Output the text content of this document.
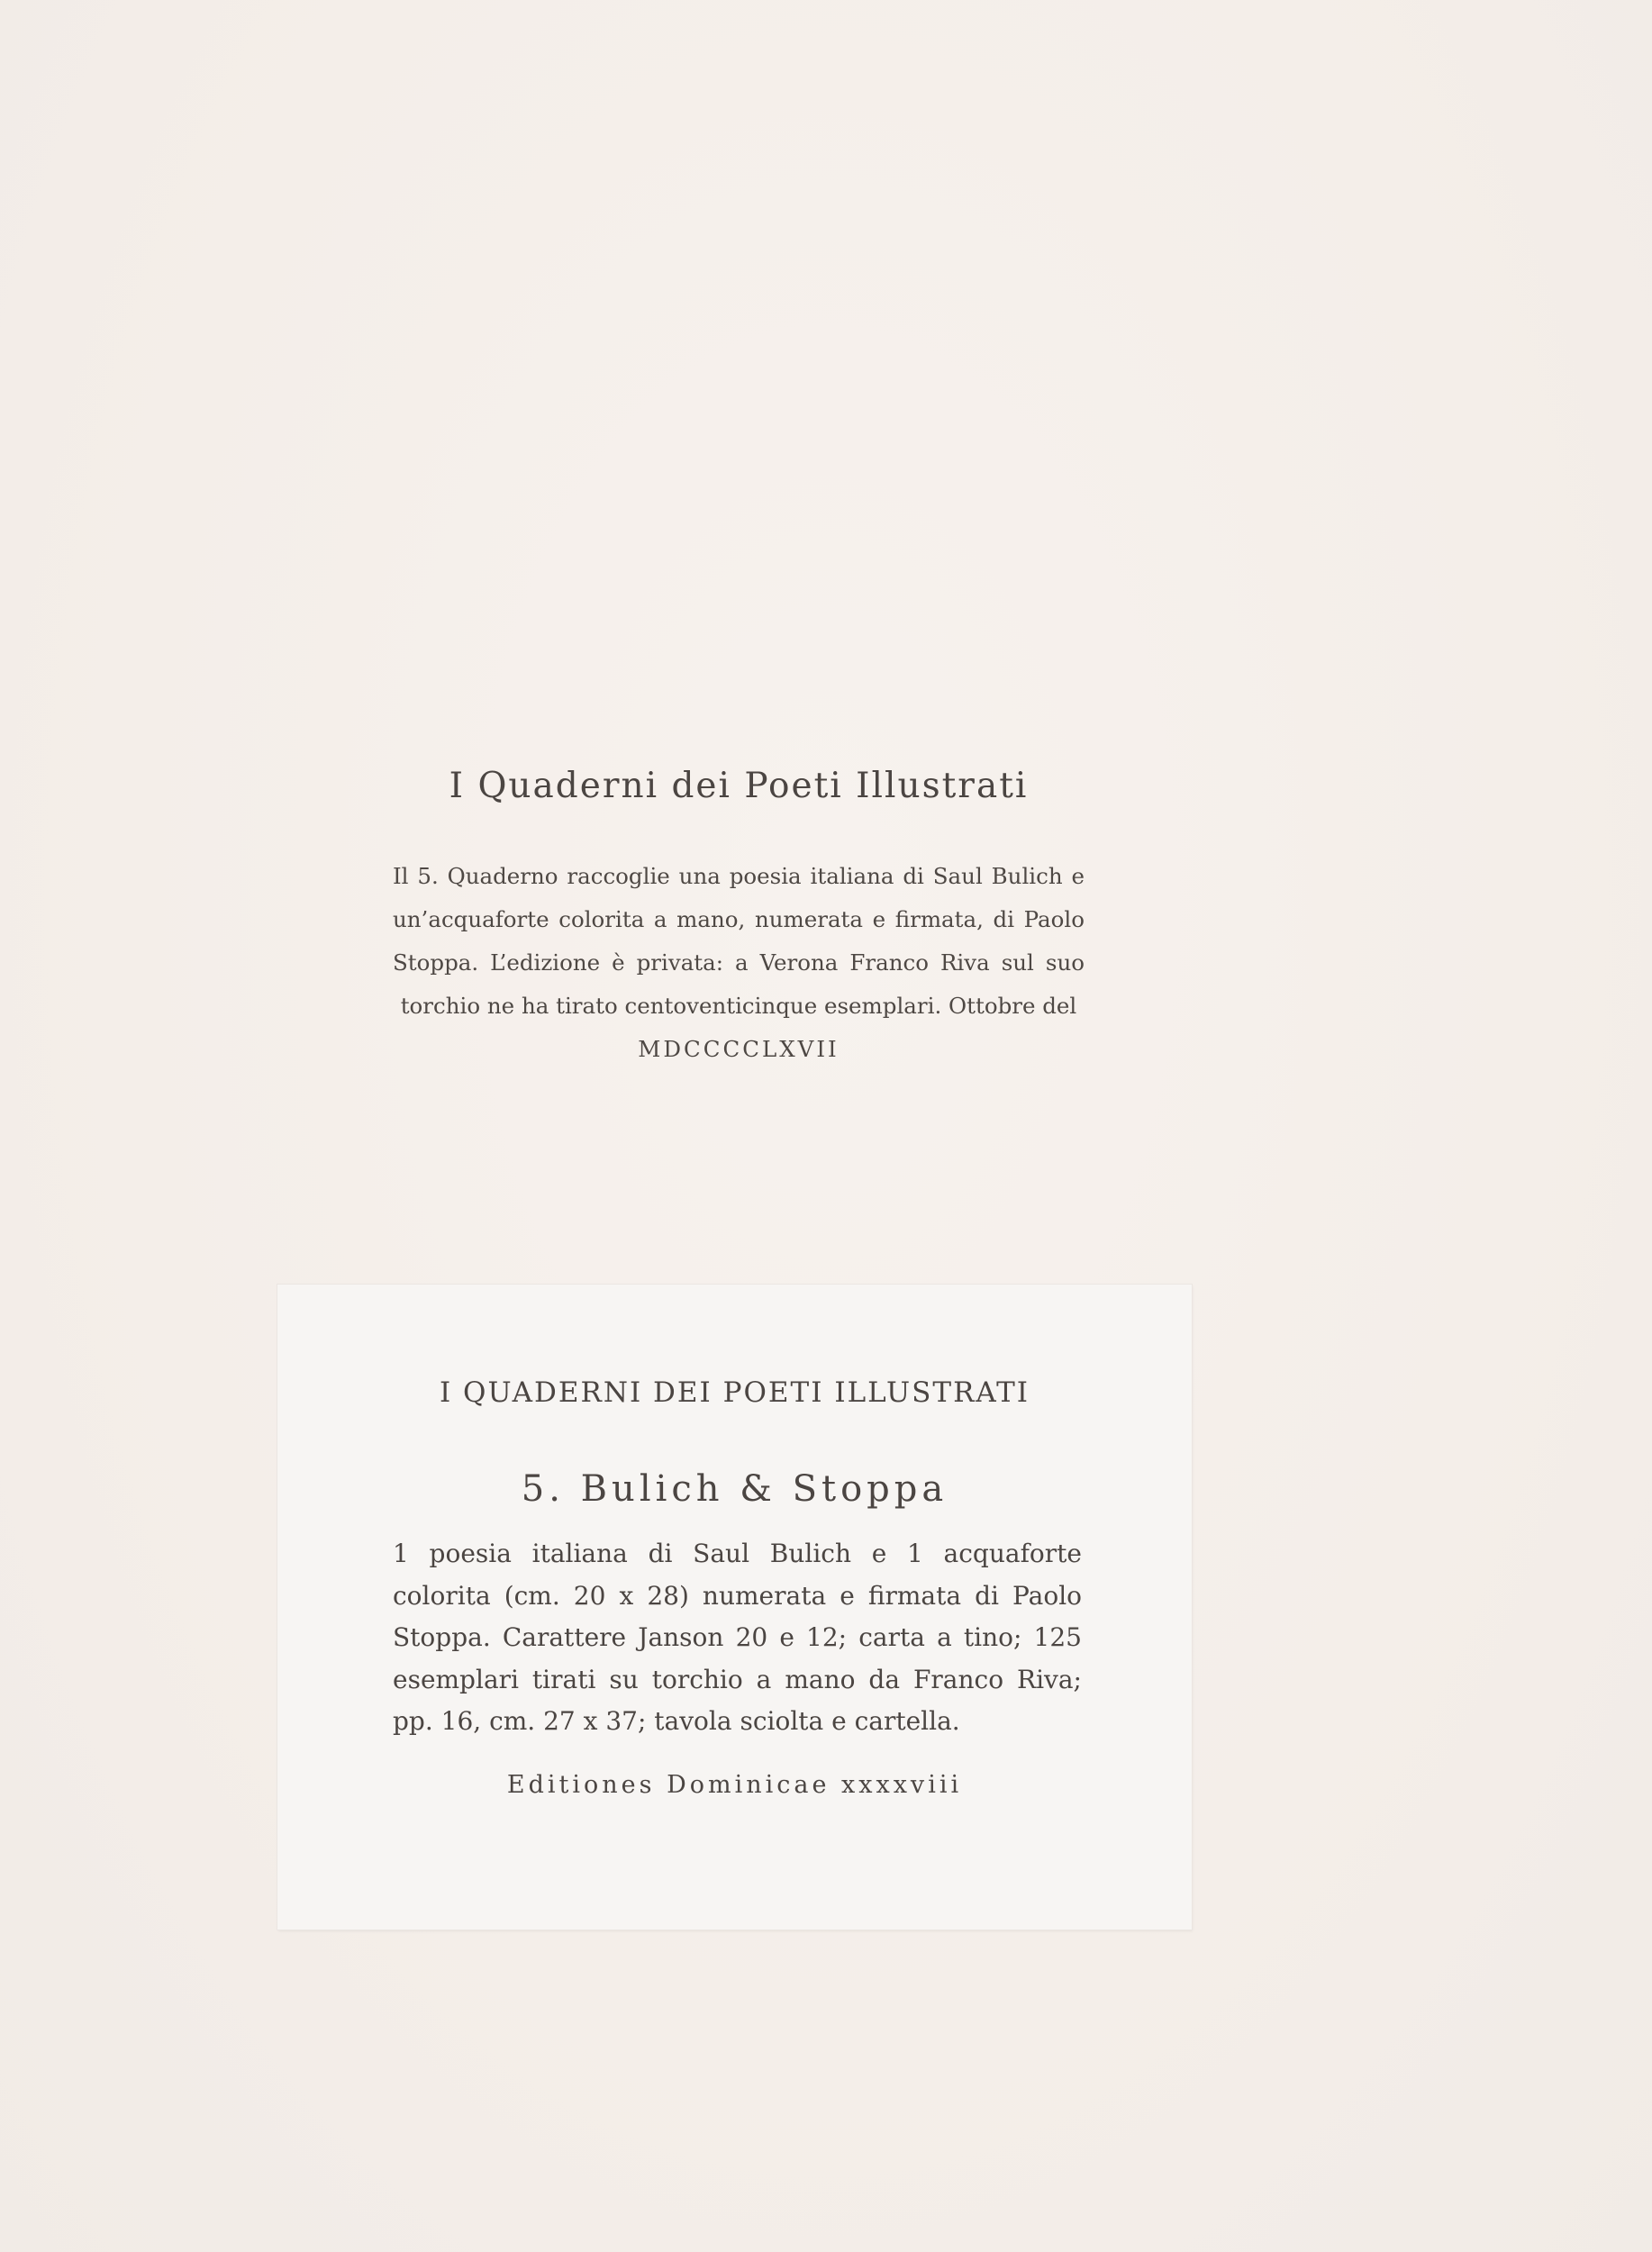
I Quaderni dei Poeti Illustrati

Il 5. Quaderno raccoglie una poesia italiana di Saul Bulich e un’acquaforte colorita a mano, numerata e firmata, di Paolo Stoppa. L’edizione è privata: a Verona Franco Riva sul suo torchio ne ha tirato centoventicinque esemplari. Ottobre del
MDCCCCLXVII

I QUADERNI DEI POETI ILLUSTRATI
5. Bulich & Stoppa
1 poesia italiana di Saul Bulich e 1 acquaforte colorita (cm. 20 x 28) numerata e firmata di Paolo Stoppa. Carattere Janson 20 e 12; carta a tino; 125 esemplari tirati su torchio a mano da Franco Riva; pp. 16, cm. 27 x 37; tavola sciolta e cartella.
Editiones Dominicae xxxxviii
